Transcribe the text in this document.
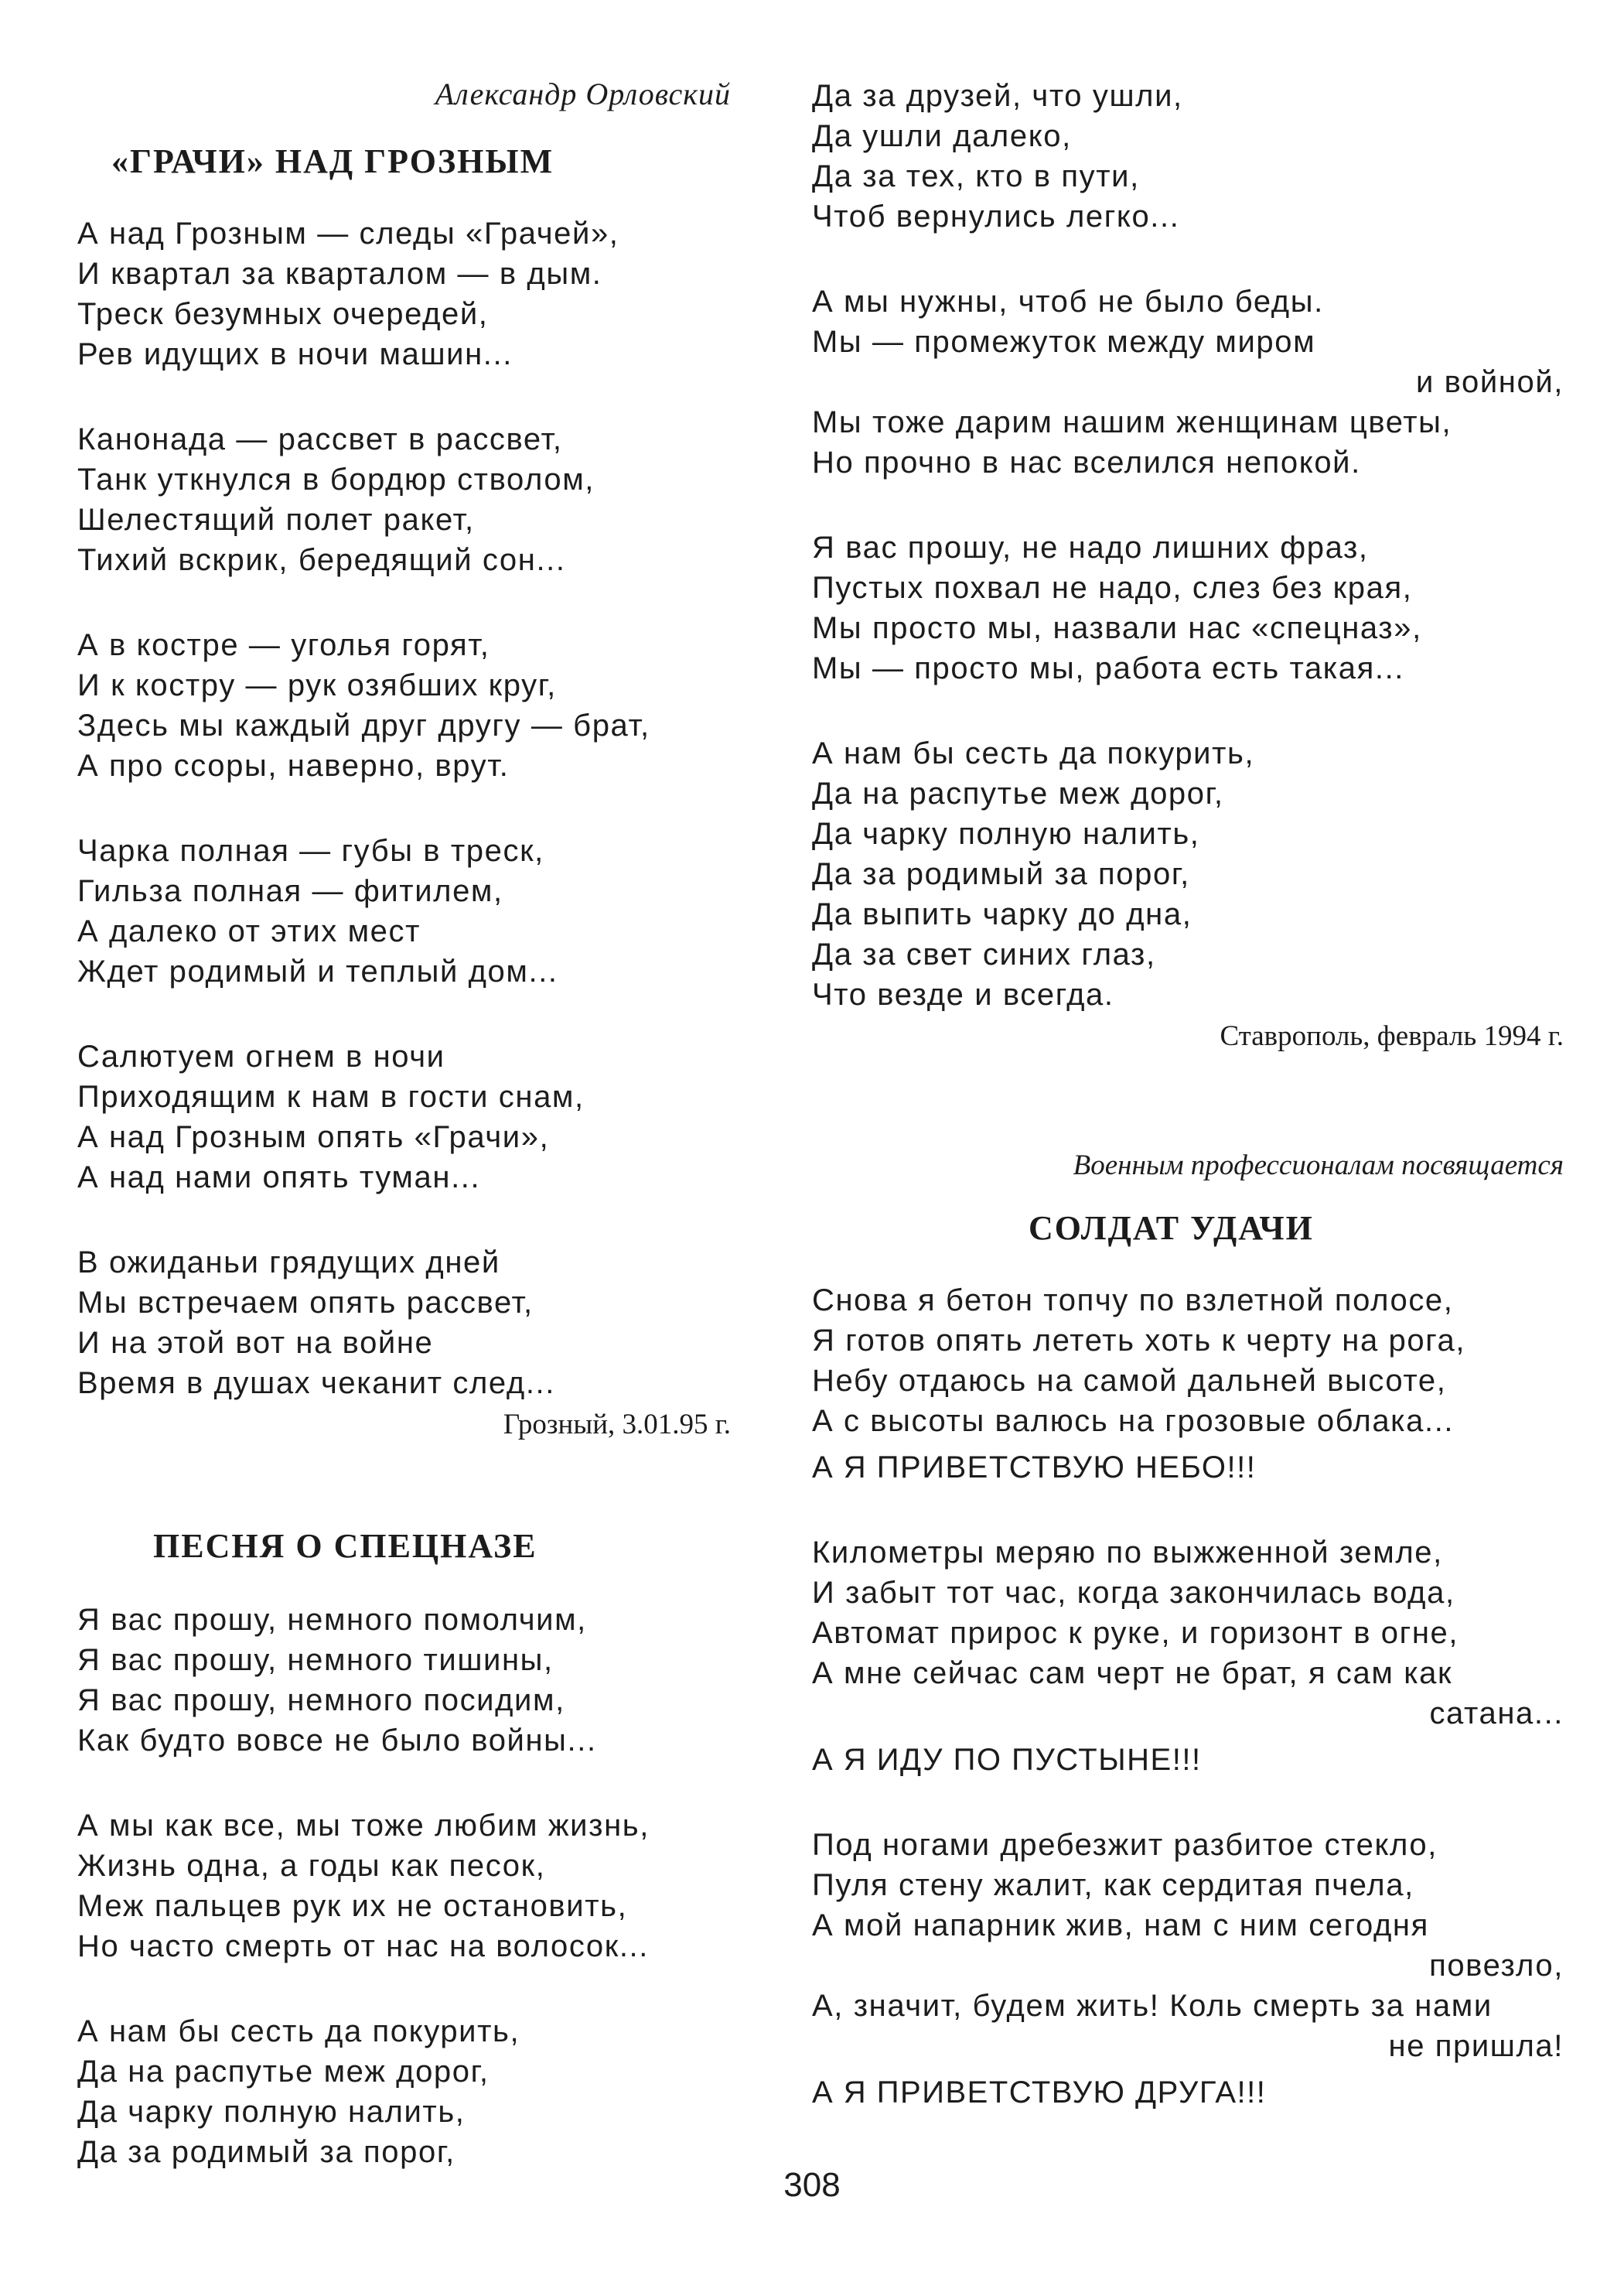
Александр Орловский
«ГРАЧИ» НАД ГРОЗНЫМ
А над Грозным — следы «Грачей»,
И квартал за кварталом — в дым.
Треск безумных очередей,
Рев идущих в ночи машин...
Канонада — рассвет в рассвет,
Танк уткнулся в бордюр стволом,
Шелестящий полет ракет,
Тихий вскрик, бередящий сон...
А в костре — уголья горят,
И к костру — рук озябших круг,
Здесь мы каждый друг другу — брат,
А про ссоры, наверно, врут.
Чарка полная — губы в треск,
Гильза полная — фитилем,
А далеко от этих мест
Ждет родимый и теплый дом...
Салютуем огнем в ночи
Приходящим к нам в гости снам,
А над Грозным опять «Грачи»,
А над нами опять туман...
В ожиданьи грядущих дней
Мы встречаем опять рассвет,
И на этой вот на войне
Время в душах чеканит след...
Грозный, 3.01.95 г.
ПЕСНЯ О СПЕЦНАЗЕ
Я вас прошу, немного помолчим,
Я вас прошу, немного тишины,
Я вас прошу, немного посидим,
Как будто вовсе не было войны...
А мы как все, мы тоже любим жизнь,
Жизнь одна, а годы как песок,
Меж пальцев рук их не остановить,
Но часто смерть от нас на волосок...
А нам бы сесть да покурить,
Да на распутье меж дорог,
Да чарку полную налить,
Да за родимый за порог,
Да за друзей, что ушли,
Да ушли далеко,
Да за тех, кто в пути,
Чтоб вернулись легко...
А мы нужны, чтоб не было беды.
Мы — промежуток между миром
и войной,
Мы тоже дарим нашим женщинам цветы,
Но прочно в нас вселился непокой.
Я вас прошу, не надо лишних фраз,
Пустых похвал не надо, слез без края,
Мы просто мы, назвали нас «спецназ»,
Мы — просто мы, работа есть такая...
А нам бы сесть да покурить,
Да на распутье меж дорог,
Да чарку полную налить,
Да за родимый за порог,
Да выпить чарку до дна,
Да за свет синих глаз,
Что везде и всегда.
Ставрополь, февраль 1994 г.
Военным профессионалам посвящается
СОЛДАТ УДАЧИ
Снова я бетон топчу по взлетной полосе,
Я готов опять лететь хоть к черту на рога,
Небу отдаюсь на самой дальней высоте,
А с высоты валюсь на грозовые облака...
А Я ПРИВЕТСТВУЮ НЕБО!!!
Километры меряю по выжженной земле,
И забыт тот час, когда закончилась вода,
Автомат прирос к руке, и горизонт в огне,
А мне сейчас сам черт не брат, я сам как
сатана...
А Я ИДУ ПО ПУСТЫНЕ!!!
Под ногами дребезжит разбитое стекло,
Пуля стену жалит, как сердитая пчела,
А мой напарник жив, нам с ним сегодня
повезло,
А, значит, будем жить! Коль смерть за нами
не пришла!
А Я ПРИВЕТСТВУЮ ДРУГА!!!
308
